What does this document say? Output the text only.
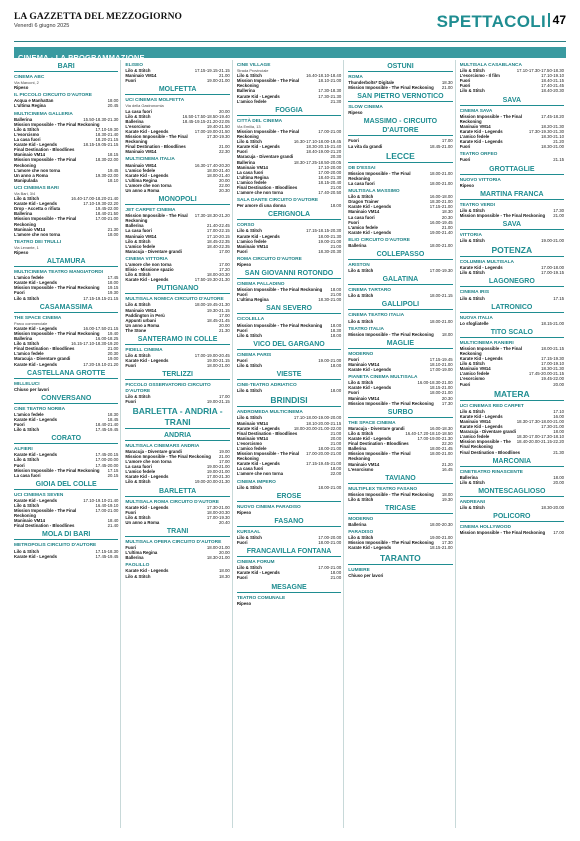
LA GAZZETTA DEL MEZZOGIORNO
Venerdì 6 giugno 2025	SPETTACOLI 47
CINEMA - LA PROGRAMMAZIONE
BARI
CINEMA ABC
Via Marconi, 2
Ripeso
IL PICCOLO CIRCUITO D'AUTORE
Acqua e Manhattan	18.00
L'ultima Regina	20.45
MULTICINEMA GALLERIA
Ballerina	15.50-18.30-21.30
Mission Impossible - The Final Reckoning
Lilo & Stitch	17.10-19.30
L'esorcismo	18.30-21.40
La casa fuori	18.20-21.15
Karate Kid - Legends	18.15-19.05-21.15
Final Destination - Bloodlines
Maninaio VM14	18.15
Mission Impossible - The Final Reckoning
18.30-22.00
L'amore che non torna	19.45
Un anno a Roma	19.30-22.00
Manipulada	18.10
UCI CINEMAS BARI
Via Bari, 3/4
Lilo & Stitch	16.40-17.00-18.20-21.40
Karate Kid - Legends	17.10-19.30-22.20
Drop - Accetta o rifiuta	19.45-22.00
Ballerina	18.40-21.50
Mission Impossible - The Final Reckoning
17.00-21.00
Maninaio VM14	21.30
L'amore che non torna	18.00
TEATRO DEI TRULLI
Via Levante, 1
Ripeso
ALTAMURA
MULTICINEMA TEATRO MANGIATORDI
L'amico fedele	17.45
Karate Kid - Legends	18.00
Mission Impossible - The Final Reckoning 19.15
Fuori	19.30
Lilo & Stitch	17.15-19.15-21.15
CASAMASSIMA
THE SPACE CINEMA
Parco commerciale
Karate Kid - Legends	16.00-17.50-21.15
Mission Impossible - The Final Reckoning 19.40
Ballerina	16.00-18.25
Lilo & Stitch	16.15-17.10-18.30-19.20
Final Destination - Bloodlines	21.00
L'amico fedele	20.30
Maracuja - Diventare grandi	19.00
Karate Kid - Legends	17.20-19.10-21.20
CASTELLANA GROTTE
MILLELUCI
Chiuso per lavori
CONVERSANO
CINE TEATRO NORBA
L'amico fedele	18.30
Karate Kid - Legends	18.45
Fuori	18.40-21.40
Lilo & Stitch	17.45-19.45
CORATO
ALFIERI
Karate Kid - Legends	17.45-20.15
Lilo & Stitch	17.00-20.00
Fuori	17.45-20.00
Mission Impossible - The Final Reckoning 17.15
La casa fuori	20.15
GIOIA DEL COLLE
UCI CINEMAS SEVEN
Karate Kid - Legends	17.10-19.10-21.40
Lilo & Stitch	16.40-19.10
Mission Impossible - The Final Reckoning
17.00-21.00
Maninaio VM14	18.40
Final Destination - Bloodlines	21.40
MOLA DI BARI
METROPOLIS CIRCUITO D'AUTORE
Lilo & Stitch	17.15-18.30
Karate Kid - Legends	17.45-19.45
ELISEO
Lilo & Stitch	17.15-19.15-21.15
Maninaio VM14	21.00
Fuori	19.00-21.00
MOLFETTA
UCI CINEMAS MOLFETTA
Via della Gastronomia
La casa fuori	20.00
Lilo & Stitch	16.50-17.50-18.50-19.40
Ballerina	18.45-19.15-21.20-22.05
L'esorcismo	19.40-21.50
Karate Kid - Legends	17.00-19.00-21.50
Mission Impossible - The Final Reckoning
17.30-19.30
Final Destination - Bloodlines	21.00
Maninaio VM14	22.30
MULTICINEMA ITALIA
Maninaio VM14	16.30-17.40-20.20
L'amico fedele	18.00-21.40
Karate Kid - Legends	18.00-21.40
L'ultima Regina	20.00
L'amore che non torna	22.00
Un anno a Roma	20.30
MONOPOLI
JET CARPET CINEMA
Mission Impossible - The Final Reckoning
17.30-18.30-21.20
Ballerina	21.40-22.45
La casa fuori	17.00-22.15
Maninaio VM14	17.10-20.15
Lilo & Stitch	18.45-22.35
L'amico fedele	18.40-22.35
Maracuja - Diventare grandi	17.00
CINEMA VITTORIA
L'amore che non torna	17.00
Elisio - Missione spazio	17.20
Lilo & Stitch	18.00-20.30
Karate Kid - Legends	17.50-19.30-21.30
PUTIGNANO
MULTISALA NOMICA CIRCUITO D'AUTORE
Lilo & Stitch	18.00-19.45-21.30
Maninaio VM14	19.30-21.15
Paddington in Perù	17.00
Appunti urbani	18.45-21.45
Un anno a Roma	20.00
The Stone	21.30
SANTERAMO IN COLLE
PIDELL CINEMA
Lilo & Stitch	17.00-19.00-20.45
Karate Kid - Legends	19.00-21.15
Fuori	18.00-21.00
TERLIZZI
PICCOLO OSSERVATORIO CIRCUITO D'AUTORE
Lilo & Stitch	17.00
Fuori	19.00-21.15
BARLETTA - ANDRIA - TRANI
ANDRIA
MULTISALA CINEMARS ANDRIA
Maracuja - Diventare grandi	19.00
Mission Impossible - The Final Reckoning 21.00
L'amore che non torna	17.00
La casa fuori	19.00-21.00
L'amico fedele	19.00-21.00
Karate Kid - Legends	17.00-21.30
Lilo & Stitch	19.00-20.00-21.30
BARLETTA
MULTISALA ROMA CIRCUITO D'AUTORE
Karate Kid - Legends	17.30-21.00
Fuori	18.00-20.30
Lilo & Stitch	17.00-19.30
Un anno a Roma	20.40
TRANI
MULTISALA OPERA CIRCUITO D'AUTORE
Fuori	18.00-21.00
L'ultima Regina	20.00
Ballerina	18.30-21.00
PAOLILLO
Karate Kid - Legends	18.00
Lilo & Stitch	18.30
CINE VILLAGE
Strada Provinciale
Lilo & Stitch	16.40-18.10-18.40
Mission Impossible - The Final Reckoning
18.10-21.00
Ballerina	17.30-18.30
Karate Kid - Legends	17.30-21.30
L'amico fedele	21.30
FOGGIA
CITTÀ DEL CINEMA
Via Emilia, 13
Mission Impossible - The Final Reckoning
17.00-21.00
Lilo & Stitch	16.30-17.10-18.00-19.45
Karate Kid - Legends	18.30-20.15-21.40
Fuori	18.40-19.00-21.20
Maracuja - Diventare grandi	20.30
Ballerina	18.30-17.25-18.50-20.05
Maninaio VM14	17.10-20.00
La casa fuori	17.00-20.00
L'ultima Regina	18.40-21.30
L'amico fedele	18.15-20.40
Final Destination - Bloodlines	21.00
L'amore che non torna	17.40-20.50
SALA DANTE CIRCUITO D'AUTORE
Per amore di una donna	18.00
CERIGNOLA
CORSO
Lilo & Stitch	17.15-18.15-20.30
Karate Kid - Legends	18.00-21.30
L'amico fedele	19.00-21.00
Maninaio VM14	21.00
Fuori	18.30-20.30
ROMA CIRCUITO D'AUTORE
Ripeso
SAN GIOVANNI ROTONDO
CINEMA PALLADINO
Mission Impossible - The Final Reckoning 18.00
Fuori	21.00
L'ultima Regina	18.30-21.00
SAN SEVERO
CICOLELLA
Mission Impossible - The Final Reckoning 18.00
Fuori	18.30
Lilo & Stitch	18.00
VICO DEL GARGANO
CINEMA PARIS
Fuori	19.00-21.00
Lilo & Stitch	18.00
VIESTE
CINE-TEATRO ADRIATICO
Lilo & Stitch	18.00
BRINDISI
ANDROMEDA MULTICINEMA
Lilo & Stitch	17.10-18.00-19.00-20.00
Maninaio VM14	18.10-20.00-21.15
Karate Kid - Legends	18.00-20.00-21.00-22.00
Final Destination - Bloodlines	21.00
Maninaio VM14	20.00
L'esorcismo	21.00
L'amico fedele	18.00-21.00
Mission Impossible - The Final Reckoning
17.00-20.00-21.00
Karate Kid - Legends	17.15-19.45-21.00
La casa fuori	18.00
L'amore che non torna	22.00
CINEMA IMPERO
Lilo & Stitch	18.00-21.00
EROSE
NUOVO CINEMA PARADISO
Ripeso
FASANO
KURSAAL
Lilo & Stitch	17.00-20.00
Fuori	18.00-21.00
FRANCAVILLA FONTANA
CINEMA FORUM
Lilo & Stitch	17.00-21.00
Karate Kid - Legends	18.00
Fuori	21.00
MESAGNE
TEATRO COMUNALE
Ripeso
OSTUNI
ROMA
Thunderbolts* Digitale	18.30
Mission Impossible - The Final Reckoning 21.00
SAN PIETRO VERNOTICO
SLOW CINEMA
Ripeso
MASSIMO - CIRCUITO D'AUTORE
Fuori	17.00
La vita da grandi	18.45-21.00
LECCE
DB D'ESSAI
Mission Impossible - The Final Reckoning
18.00-21.00
La casa fuori	18.00-21.00
MULTISALA MASSIMO
Lilo & Stitch	16.00-18.00
Dragon Trainer	18.30-21.00
Karate Kid - Legends	17.15-21.00
Maninaio VM14	18.30
La casa fuori	20.30
Fuori	16.00-19.45
L'amico fedele	21.00
Karate Kid - Legends	19.00-21.40
ELIO CIRCUITO D'AUTORE
Ballerina	18.00-21.00
COLLEPASSO
ARISTON
Lilo & Stitch	17.00-19.30
GALATINA
CINEMA TARTARO
Lilo & Stitch	18.00-21.15
GALLIPOLI
CINEMA TEATRO ITALIA
Lilo & Stitch	18.00-21.00
TEATRO ITALIA
Mission Impossible - The Final Reckoning 18.00
MAGLIE
MODERNO
Fuori	17.15-19.45
Maninaio VM14	18.10-21.00
Karate Kid - Legends	17.00-19.00
PIANETA CINEMA MULTISALA
Lilo & Stitch	16.00-18.30-21.00
Karate Kid - Legends	18.15-21.00
Fuori	18.00-21.00
Maninaio VM14	20.30
Mission Impossible - The Final Reckoning 17.30
SURBO
THE SPACE CINEMA
Maracuja - Diventare grandi	16.00-18.30
Lilo & Stitch	16.40-17.20-18.10-18.50
Karate Kid - Legends	17.00-19.00-21.30
Final Destination - Bloodlines	22.20
Ballerina	18.00-21.45
Mission Impossible - The Final Reckoning
18.00-21.00
Maninaio VM14	21.20
L'esorcismo	16.45
TAVIANO
MULTIPLEX TEATRO FASANO
Mission Impossible - The Final Reckoning 18.00
Lilo & Stitch	19.30
TRICASE
MODERNO
Ballerina	18.00-20.30
PARADISO
Lilo & Stitch	19.00-21.00
Mission Impossible - The Final Reckoning 17.30
Karate Kid - Legends	18.15-21.00
TARANTO
LUMIERE
Chiuso per lavori
MULTISALA CASABLANCA
Lilo & Stitch	17.10-17.30-17.50-18.30
L'esorcismo - Il film	17.10-19.10
Fuori	18.40-21.15
Fuori	17.40-21.45
Lilo & Stitch	18.40-20.30
SAVA
CINEMA SAVA
Mission Impossible - The Final Reckoning
17.45-18.20
Maninaio VM14	18.20-21.30
Karate Kid - Legends	17.30-19.30-21.30
L'amico fedele	18.30-21.10
Karate Kid - Legends	21.20
Fuori	18.30-21.00
TEATRO ORFEO
Fuori	21.15
GROTTAGLIE
NUOVO VITTORIA
Ripeso
MARTINA FRANCA
TEATRO VERDI
Lilo & Stitch	17.30
Mission Impossible - The Final Reckoning 21.00
SAVA
VITTORIA
Lilo & Stitch	19.00-21.00
POTENZA
COLUMBIA MULTISALA
Karate Kid - Legends	17.00-18.00
Lilo & Stitch	17.00-19.15
LAGONEGRO
CINEMA IRIS
Lilo & Stitch	17.15
LATRONICO
NUOVA ITALIA
Lo sfogliatelle	18.15-21.00
TITO SCALO
MULTICINEMA RANIERI
Mission Impossible - The Final Reckoning
18.00-21.15
Karate Kid - Legends	17.15-19.30
Lilo & Stitch	17.00-19.10
Maninaio VM14	18.30-21.30
L'amico fedele	17.45-20.00-21.15
L'esorcismo	19.45-22.00
Fuori	20.00
MATERA
UCI CINEMAS RED CARPET
Lilo & Stitch	17.10
Karate Kid - Legends	16.00
Maninaio VM14	18.30-17.30-18.00-21.00
Karate Kid - Legends	17.30-21.00
Maracuja - Diventare grandi	18.00
L'amico fedele	18.30-17.00-17.30-18.10
Mission Impossible - The Final Reckoning
18.40-20.00-21.15-22.20
Final Destination - Bloodlines	21.30
MARCONIA
CINETEATRO RINASCENTE
Ballerina	18.00
Lilo & Stitch	20.00
MONTESCAGLIOSO
ANDREANI
Lilo & Stitch	18.30-20.00
POLICORO
CINEMA HOLLYWOOD
Mission Impossible - The Final Reckoning 17.00
